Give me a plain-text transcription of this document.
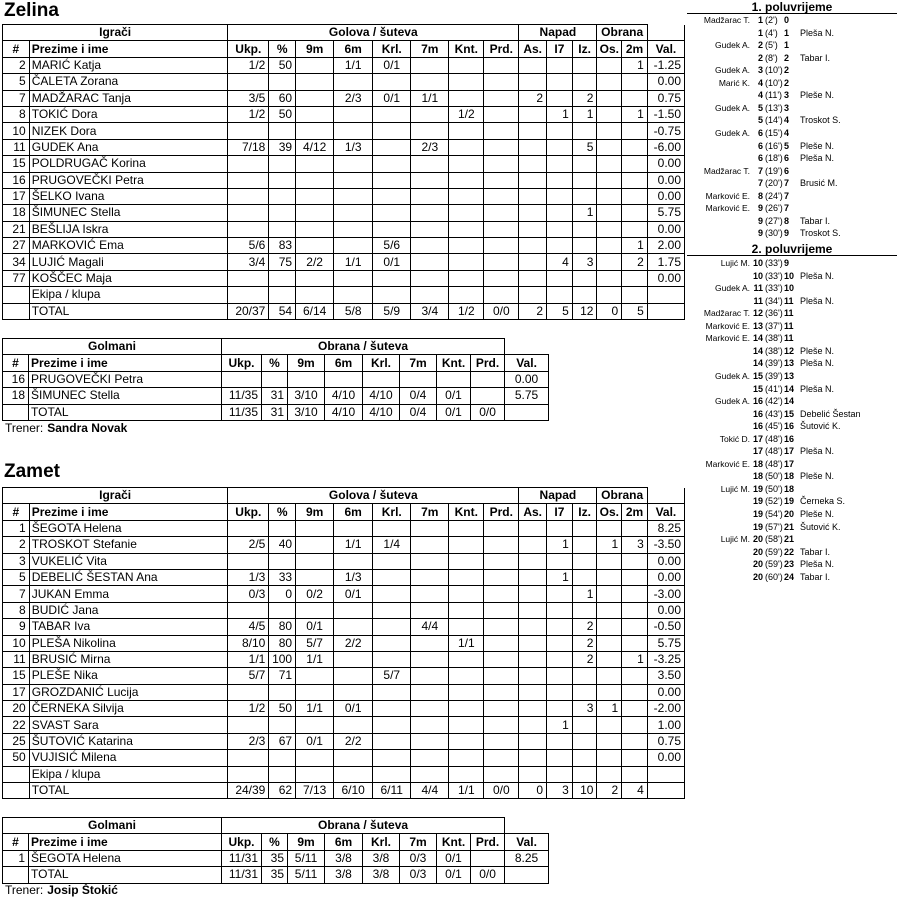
Zelina
Igrači		Golova / šuteva								Napad			Obrana		
#	Prezime i ime	Ukp.	%	9m	6m	Krl.	7m	Knt.	Prd.	As.	I7	Iz.	Os.	2m	Val.
2	MARIĆ Katja	1/2	50		1/1	0/1								1	-1.25
5	ČALETA Zorana														0.00
7	MADŽARAC Tanja	3/5	60		2/3	0/1	1/1			2		2			0.75
8	TOKIĆ Dora	1/2	50					1/2			1	1		1	-1.50
10	NIZEK Dora														-0.75
11	GUDEK Ana	7/18	39	4/12	1/3		2/3					5			-6.00
15	POLDRUGAČ Korina														0.00
16	PRUGOVEČKI Petra														0.00
17	ŠELKO Ivana														0.00
18	ŠIMUNEC Stella											1			5.75
21	BEŠLIJA Iskra														0.00
27	MARKOVIĆ Ema	5/6	83			5/6								1	2.00
34	LUJIĆ Magali	3/4	75	2/2	1/1	0/1					4	3		2	1.75
77	KOŠČEC Maja														0.00
	Ekipa / klupa														
	TOTAL	20/37	54	6/14	5/8	5/9	3/4	1/2	0/0	2	5	12	0	5	
Golmani		Obrana / šuteva								
#	Prezime i ime	Ukp.	%	9m	6m	Krl.	7m	Knt.	Prd.	Val.
16	PRUGOVEČKI Petra									0.00
18	ŠIMUNEC Stella	11/35	31	3/10	4/10	4/10	0/4	0/1		5.75
	TOTAL	11/35	31	3/10	4/10	4/10	0/4	0/1	0/0	
Trener: Sandra Novak
Zamet
Igrači		Golova / šuteva								Napad			Obrana		
#	Prezime i ime	Ukp.	%	9m	6m	Krl.	7m	Knt.	Prd.	As.	I7	Iz.	Os.	2m	Val.
1	ŠEGOTA Helena														8.25
2	TROSKOT Stefanie	2/5	40		1/1	1/4					1		1	3	-3.50
3	VUKELIĆ Vita														0.00
5	DEBELIĆ ŠESTAN Ana	1/3	33		1/3						1				0.00
7	JUKAN Emma	0/3	0	0/2	0/1							1			-3.00
8	BUDIĆ Jana														0.00
9	TABAR Iva	4/5	80	0/1			4/4					2			-0.50
10	PLEŠA Nikolina	8/10	80	5/7	2/2			1/1				2			5.75
11	BRUSIĆ Mirna	1/1	100	1/1								2		1	-3.25
15	PLEŠE Nika	5/7	71			5/7									3.50
17	GROZDANIĆ Lucija														0.00
20	ČERNEKA Silvija	1/2	50	1/1	0/1							3	1		-2.00
22	SVAST Sara										1				1.00
25	ŠUTOVIĆ Katarina	2/3	67	0/1	2/2										0.75
50	VUJISIĆ Milena														0.00
	Ekipa / klupa														
	TOTAL	24/39	62	7/13	6/10	6/11	4/4	1/1	0/0	0	3	10	2	4	
Golmani		Obrana / šuteva								
#	Prezime i ime	Ukp.	%	9m	6m	Krl.	7m	Knt.	Prd.	Val.
1	ŠEGOTA Helena	11/31	35	5/11	3/8	3/8	0/3	0/1		8.25
	TOTAL	11/31	35	5/11	3/8	3/8	0/3	0/1	0/0	
Trener: Josip Štokić
1. poluvrijeme
Madžarac T. 1 (2') 0
1 (4') 1 Pleša N.
Gudek A. 2 (5') 1
2 (8') 2 Tabar I.
Gudek A. 3 (10') 2
Marić K. 4 (10') 2
4 (11') 3 Pleše N.
Gudek A. 5 (13') 3
5 (14') 4 Troskot S.
Gudek A. 6 (15') 4
6 (16') 5 Pleše N.
6 (18') 6 Pleša N.
Madžarac T. 7 (19') 6
7 (20') 7 Brusić M.
Marković E. 8 (24') 7
Marković E. 9 (26') 7
9 (27') 8 Tabar I.
9 (30') 9 Troskot S.
2. poluvrijeme
Lujić M. 10 (33') 9
10 (33') 10 Pleša N.
Gudek A. 11 (33') 10
11 (34') 11 Pleša N.
Madžarac T. 12 (36') 11
Marković E. 13 (37') 11
Marković E. 14 (38') 11
14 (38') 12 Pleše N.
14 (39') 13 Pleša N.
Gudek A. 15 (39') 13
15 (41') 14 Pleša N.
Gudek A. 16 (42') 14
16 (43') 15 Debelić Šestan
16 (45') 16 Šutović K.
Tokić D. 17 (48') 16
17 (48') 17 Pleša N.
Marković E. 18 (48') 17
18 (50') 18 Pleše N.
Lujić M. 19 (50') 18
19 (52') 19 Černeka S.
19 (54') 20 Pleše N.
19 (57') 21 Šutović K.
Lujić M. 20 (58') 21
20 (59') 22 Tabar I.
20 (59') 23 Pleša N.
20 (60') 24 Tabar I.
